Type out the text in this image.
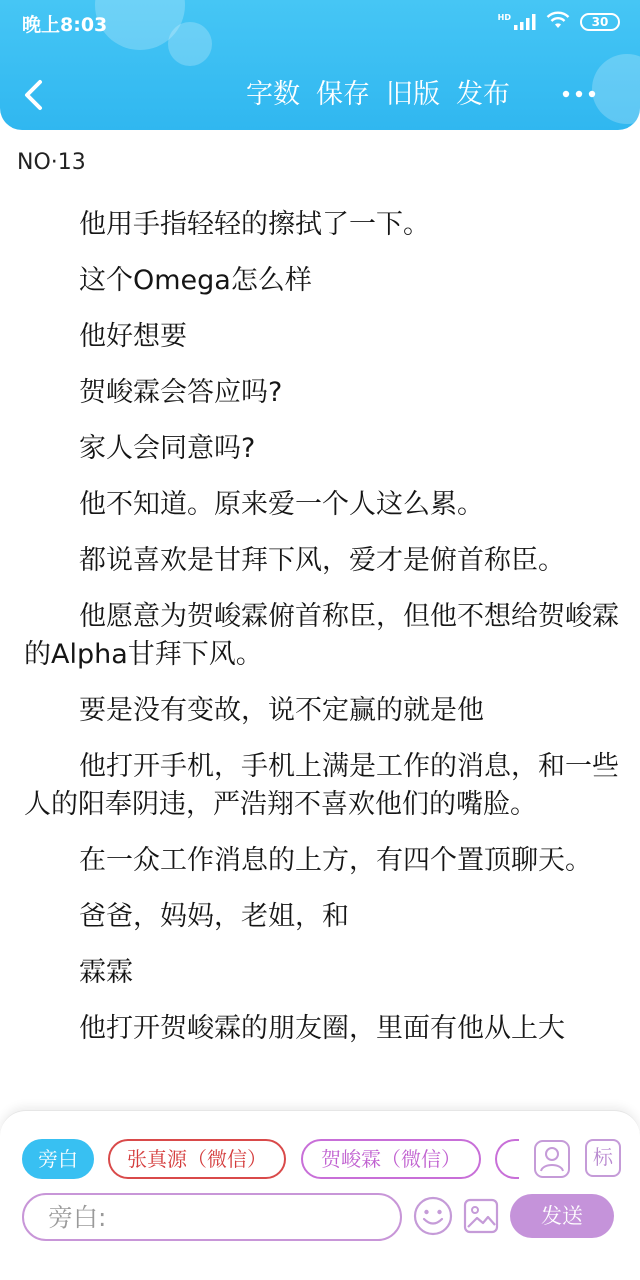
晚上8:03	HD	30
字数 保存 旧版 发布
NO·13

他用手指轻轻的擦拭了一下。

这个Omega怎么样

他好想要

贺峻霖会答应吗?

家人会同意吗?

他不知道。原来爱一个人这么累。

都说喜欢是甘拜下风，爱才是俯首称臣。

他愿意为贺峻霖俯首称臣，但他不想给贺峻霖的Alpha甘拜下风。

要是没有变故，说不定赢的就是他

他打开手机，手机上满是工作的消息，和一些人的阳奉阴违，严浩翔不喜欢他们的嘴脸。

在一众工作消息的上方，有四个置顶聊天。

爸爸，妈妈，老姐，和

霖霖

他打开贺峻霖的朋友圈，里面有他从上大

旁白	张真源（微信）	贺峻霖（微信）	标
旁白:
发送
